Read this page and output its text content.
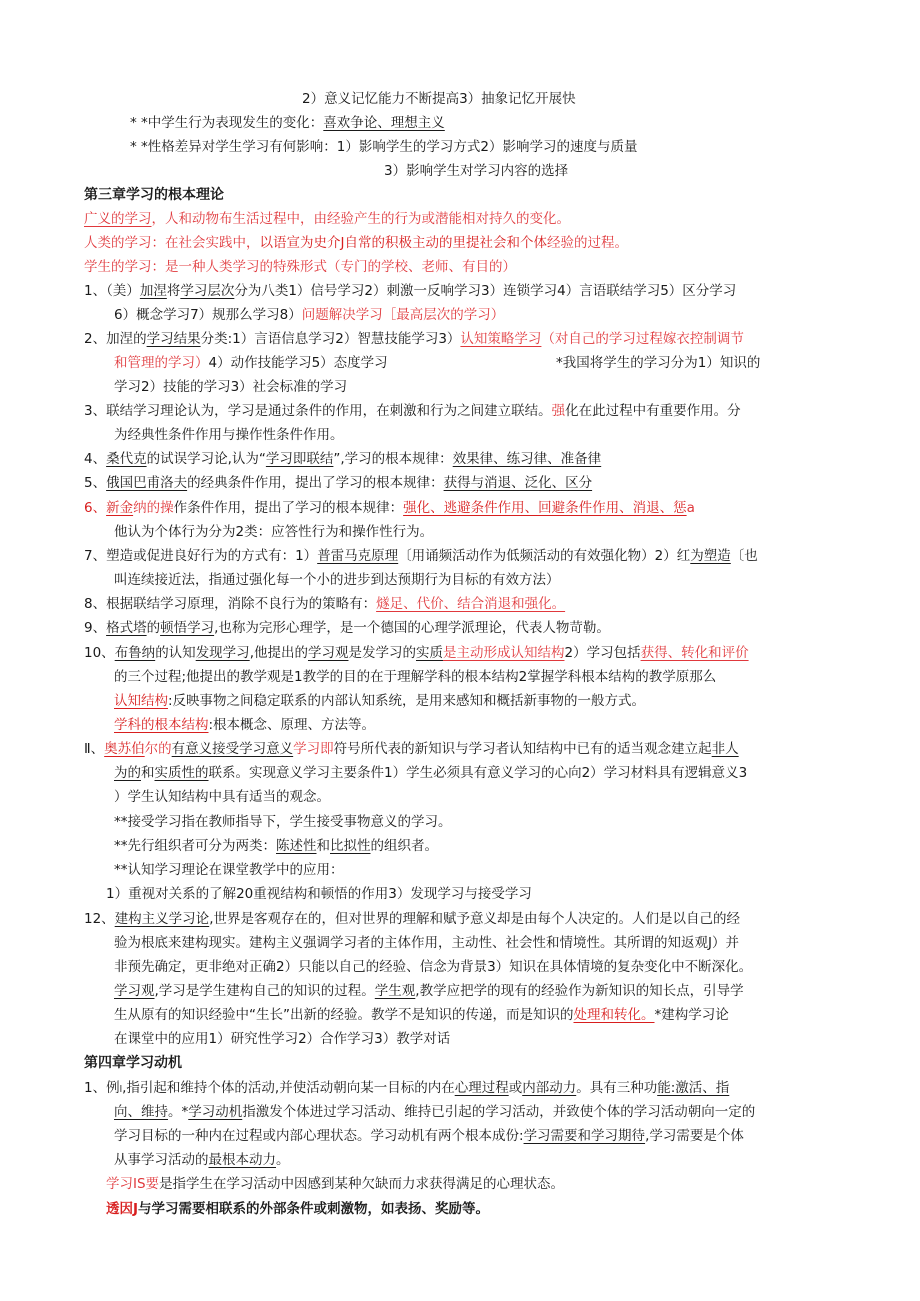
2）意义记忆能力不断提高3）抽象记忆开展快
* *中学生行为表现发生的变化：喜欢争论、理想主义
* *性格差异对学生学习有何影响：1）影响学生的学习方式2）影响学习的速度与质量
3）影响学生对学习内容的选择
第三章学习的根本理论
广义的学习，人和动物布生活过程中，由经验产生的行为或潜能相对持久的变化。
人类的学习：在社会实践中，以语宣为史介J自常的积极主动的里提社会和个体经验的过程。
学生的学习：是一种人类学习的特殊形式（专门的学校、老师、有目的）
1、（美）加涅将学习层次分为八类1）信号学习2）刺激一反响学习3）连锁学习4）言语联结学习5）区分学习
6）概念学习7）规那么学习8）问题解决学习［最高层次的学习）
2、加涅的学习结果分类:1）言语信息学习2）智慧技能学习3）认知策略学习（对自己的学习过程嫁衣控制调节
和管理的学习）4）动作技能学习5）态度学习	*我国将学生的学习分为1）知识的
学习2）技能的学习3）社会标准的学习
3、联结学习理论认为，学习是通过条件的作用，在刺激和行为之间建立联结。强化在此过程中有重要作用。分
为经典性条件作用与操作性条件作用。
4、桑代克的试误学习论,认为“学习即联结”,学习的根本规律：效果律、练习律、准备律
5、俄国巴甫洛夫的经典条件作用，提出了学习的根本规律：获得与消退、泛化、区分
6、新金纳的操作条件作用，提出了学习的根本规律：强化、逃避条件作用、回避条件作用、消退、惩a
他认为个体行为分为2类：应答性行为和操作性行为。
7、塑造或促进良好行为的方式有：1）普雷马克原理〔用诵频活动作为低频活动的有效强化物）2）红为塑造〔也
叫连续接近法，指通过强化每一个小的进步到达预期行为目标的有效方法）
8、根据联结学习原理，消除不良行为的策略有：燧足、代价、结合消退和强化。
9、格式塔的顿悟学习,也称为完形心理学，是一个德国的心理学派理论，代表人物苛勒。
10、布鲁纳的认知发现学习,他提出的学习观是发学习的实质是主动形成认知结构2）学习包括获得、转化和评价
的三个过程;他提出的教学观是1教学的目的在于理解学科的根本结构2掌握学科根本结构的教学原那么
认知结构:反映事物之间稳定联系的内部认知系统，是用来感知和概括新事物的一般方式。
学科的根本结构:根本概念、原理、方法等。
Ⅱ、奥苏伯尔的有意义接受学习意义学习即符号所代表的新知识与学习者认知结构中已有的适当观念建立起非人
为的和实质性的联系。实现意义学习主要条件1）学生必须具有意义学习的心向2）学习材料具有逻辑意义3
）学生认知结构中具有适当的观念。
**接受学习指在教师指导下，学生接受事物意义的学习。
**先行组织者可分为两类：陈述性和比拟性的组织者。
**认知学习理论在课堂教学中的应用：
1）重视对关系的了解20重视结构和顿悟的作用3）发现学习与接受学习
12、建构主义学习论,世界是客观存在的，但对世界的理解和赋予意义却是由每个人决定的。人们是以自己的经
验为根底来建构现实。建构主义强调学习者的主体作用，主动性、社会性和情境性。其所谓的知返观J）并
非预先确定，更非绝对正确2）只能以自己的经验、信念为背景3）知识在具体情境的复杂变化中不断深化。
学习观,学习是学生建构自己的知识的过程。学生观,教学应把学的现有的经验作为新知识的知长点，引导学
生从原有的知识经验中“生长”出新的经验。教学不是知识的传递，而是知识的处理和转化。*建构学习论
在课堂中的应用1）研究性学习2）合作学习3）教学对话
第四章学习动机
1、例l,指引起和维持个体的活动,并使活动朝向某一目标的内在心理过程或内部动力。具有三种功能:激活、指
向、维持。*学习动机指激发个体进过学习活动、维持已引起的学习活动，并致使个体的学习活动朝向一定的
学习目标的一种内在过程或内部心理状态。学习动机有两个根本成份:学习需要和学习期待,学习需要是个体
从事学习活动的最根本动力。
学习IS要是指学生在学习活动中因感到某种欠缺而力求获得满足的心理状态。
透因J与学习需要相联系的外部条件或刺激物，如表扬、奖励等。
